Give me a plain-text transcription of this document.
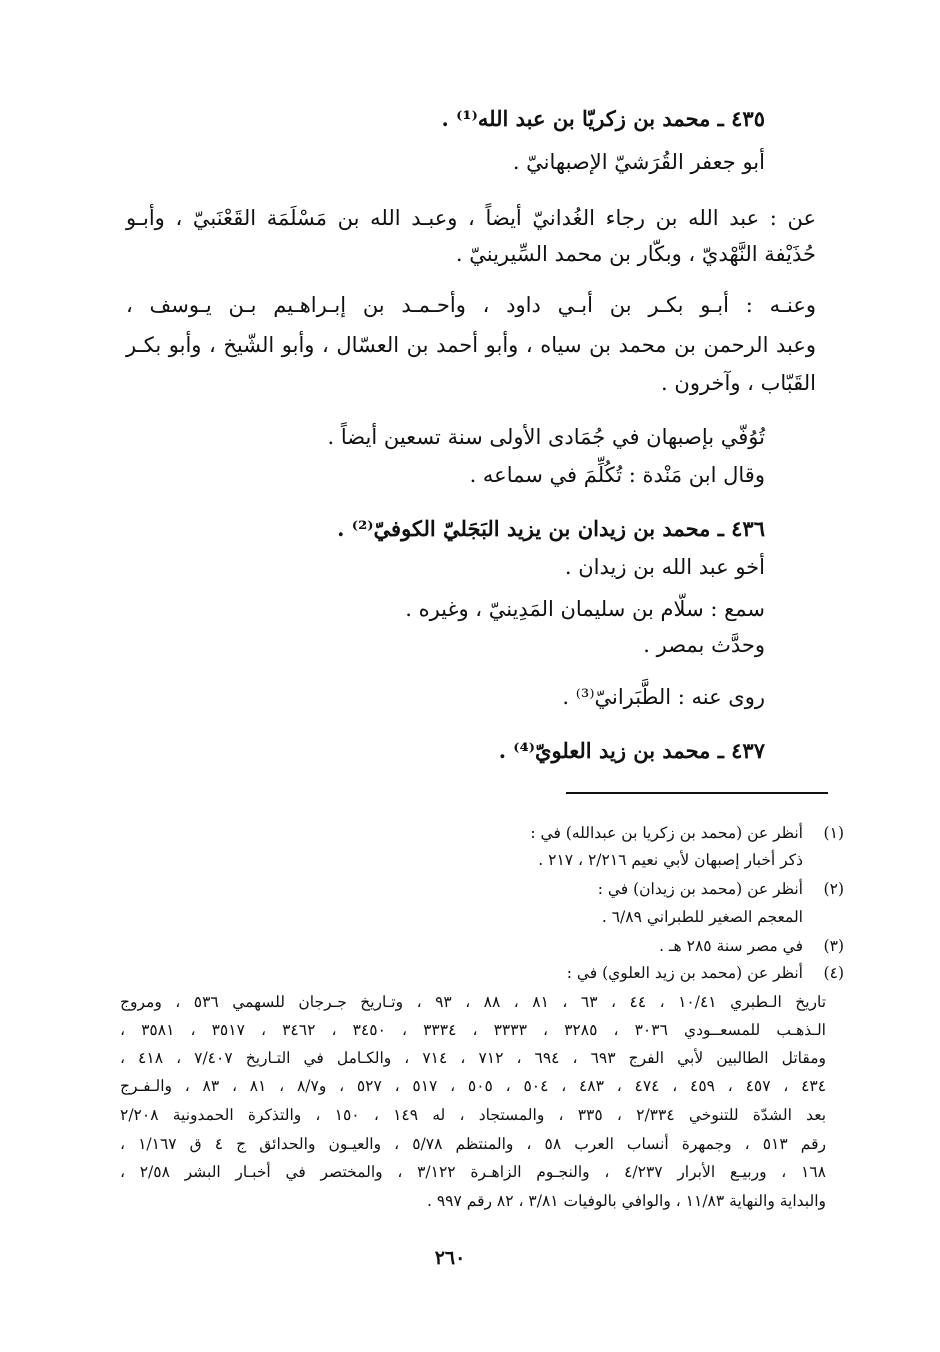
٤٣٥ ـ محمد بن زكريّا بن عبد الله⁽¹⁾ .
أبو جعفر القُرَشيّ الإصبهانيّ .
عن : عبد الله بن رجاء الغُدانيّ أيضاً ، وعبـد الله بن مَسْلَمَة القَعْنَبيّ ، وأبـو
حُذَيْفة النَّهْديّ ، وبكّار بن محمد السِّيرينيّ .
وعنـه : أبـو بكـر بن أبـي داود ، وأحـمـد بن إبـراهـيم بـن يـوسف ،
وعبد الرحمن بن محمد بن سياه ، وأبو أحمد بن العسّال ، وأبو الشّيخ ، وأبو بكـر
القَبّاب ، وآخرون .
تُوُفّي بإصبهان في جُمَادى الأولى سنة تسعين أيضاً .
وقال ابن مَنْدة : تُكُلِّمَ في سماعه .
٤٣٦ ـ محمد بن زيدان بن يزيد البَجَليّ الكوفيّ⁽²⁾ .
أخو عبد الله بن زيدان .
سمع : سلّام بن سليمان المَدِينيّ ، وغيره .
وحدَّث بمصر .
روى عنه : الطَّبَرانيّ⁽³⁾ .
٤٣٧ ـ محمد بن زيد العلويّ⁽⁴⁾ .
(١)
أنظر عن (محمد بن زكريا بن عبدالله) في :
ذكر أخبار إصبهان لأبي نعيم ٢/٢١٦ ، ٢١٧ .
(٢)
أنظر عن (محمد بن زيدان) في :
المعجم الصغير للطبراني ٦/٨٩ .
(٣)
في مصر سنة ٢٨٥ هـ .
(٤)
أنظر عن (محمد بن زيد العلوي) في :
تاريخ الـطبري ١٠/٤١ ، ٤٤ ، ٦٣ ، ٨١ ، ٨٨ ، ٩٣ ، وتـاريخ جـرجان للسهمي ٥٣٦ ، ومروج
الـذهـب للمسعــودي ٣٠٣٦ ، ٣٢٨٥ ، ٣٣٣٣ ، ٣٣٣٤ ، ٣٤٥٠ ، ٣٤٦٢ ، ٣٥١٧ ، ٣٥٨١ ،
ومقاتل الطالبين لأبي الفرج ٦٩٣ ، ٦٩٤ ، ٧١٢ ، ٧١٤ ، والكـامل في التـاريخ ٧/٤٠٧ ، ٤١٨ ،
٤٣٤ ، ٤٥٧ ، ٤٥٩ ، ٤٧٤ ، ٤٨٣ ، ٥٠٤ ، ٥٠٥ ، ٥١٧ ، ٥٢٧ ، و٨/٧ ، ٨١ ، ٨٣ ، والـفـرج
بعد الشدّة للتنوخي ٢/٣٣٤ ، ٣٣٥ ، والمستجاد ، له ١٤٩ ، ١٥٠ ، والتذكرة الحمدونية ٢/٢٠٨
رقم ٥١٣ ، وجمهرة أنساب العرب ٥٨ ، والمنتظم ٥/٧٨ ، والعيـون والحدائق ج ٤ ق ١/١٦٧ ،
١٦٨ ، وربيـع الأبرار ٤/٢٣٧ ، والنجـوم الزاهـرة ٣/١٢٢ ، والمختصر في أخبـار البشر ٢/٥٨ ،
والبداية والنهاية ١١/٨٣ ، والوافي بالوفيات ٣/٨١ ، ٨٢ رقم ٩٩٧ .
٢٦٠
